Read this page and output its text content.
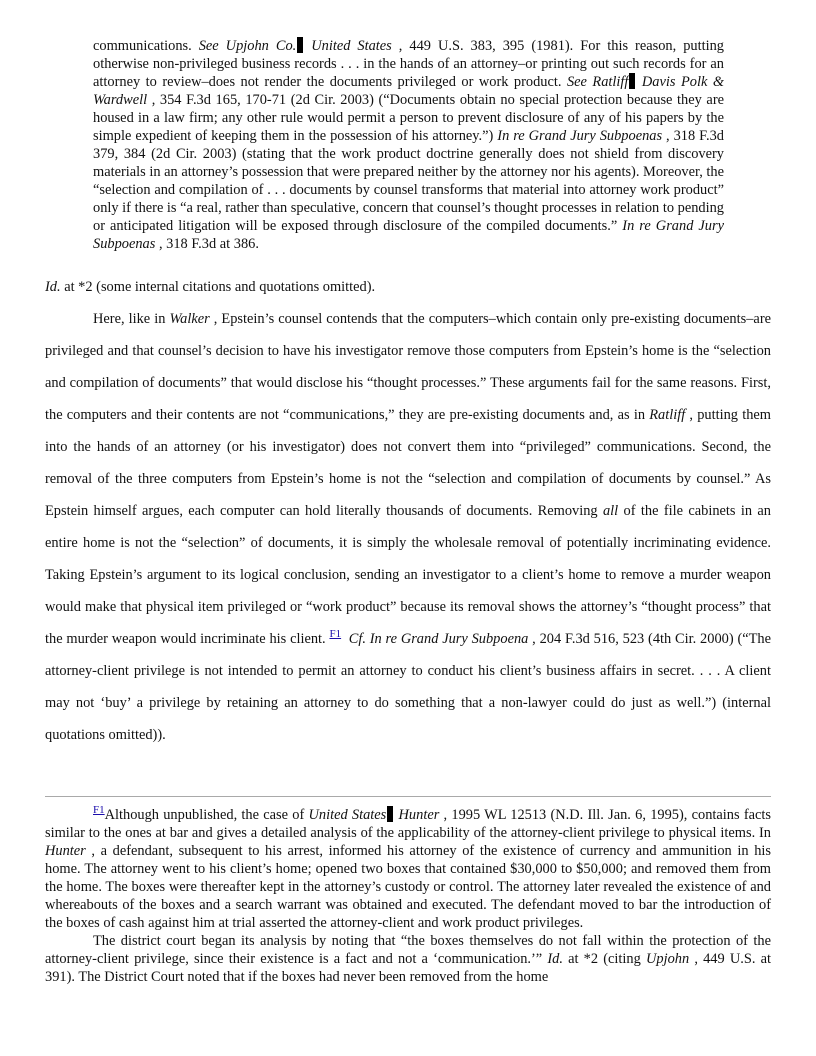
communications. See Upjohn Co. United States , 449 U.S. 383, 395 (1981). For this reason, putting otherwise non-privileged business records . . . in the hands of an attorney–or printing out such records for an attorney to review–does not render the documents privileged or work product. See Ratliff Davis Polk & Wardwell , 354 F.3d 165, 170-71 (2d Cir. 2003) (“Documents obtain no special protection because they are housed in a law firm; any other rule would permit a person to prevent disclosure of any of his papers by the simple expedient of keeping them in the possession of his attorney.”) In re Grand Jury Subpoenas , 318 F.3d 379, 384 (2d Cir. 2003) (stating that the work product doctrine generally does not shield from discovery materials in an attorney’s possession that were prepared neither by the attorney nor his agents). Moreover, the “selection and compilation of . . . documents by counsel transforms that material into attorney work product” only if there is “a real, rather than speculative, concern that counsel’s thought processes in relation to pending or anticipated litigation will be exposed through disclosure of the compiled documents.” In re Grand Jury Subpoenas , 318 F.3d at 386.

Id. at *2 (some internal citations and quotations omitted).

Here, like in Walker , Epstein’s counsel contends that the computers–which contain only pre-existing documents–are privileged and that counsel’s decision to have his investigator remove those computers from Epstein’s home is the “selection and compilation of documents” that would disclose his “thought processes.” These arguments fail for the same reasons. First, the computers and their contents are not “communications,” they are pre-existing documents and, as in Ratliff , putting them into the hands of an attorney (or his investigator) does not convert them into “privileged” communications. Second, the removal of the three computers from Epstein’s home is not the “selection and compilation of documents by counsel.” As Epstein himself argues, each computer can hold literally thousands of documents. Removing all of the file cabinets in an entire home is not the “selection” of documents, it is simply the wholesale removal of potentially incriminating evidence. Taking Epstein’s argument to its logical conclusion, sending an investigator to a client’s home to remove a murder weapon would make that physical item privileged or “work product” because its removal shows the attorney’s “thought process” that the murder weapon would incriminate his client. $^{F1}$ Cf. In re Grand Jury Subpoena , 204 F.3d 516, 523 (4th Cir. 2000) (“The attorney-client privilege is not intended to permit an attorney to conduct his client’s business affairs in secret. . . . A client may not ‘buy’ a privilege by retaining an attorney to do something that a non-lawyer could do just as well.”) (internal quotations omitted)).

$^{F1}$Although unpublished, the case of United States Hunter , 1995 WL 12513 (N.D. Ill. Jan. 6, 1995), contains facts similar to the ones at bar and gives a detailed analysis of the applicability of the attorney-client privilege to physical items. In Hunter , a defendant, subsequent to his arrest, informed his attorney of the existence of currency and ammunition in his home. The attorney went to his client’s home; opened two boxes that contained $30,000 to $50,000; and removed them from the home. The boxes were thereafter kept in the attorney’s custody or control. The attorney later revealed the existence of and whereabouts of the boxes and a search warrant was obtained and executed. The defendant moved to bar the introduction of the boxes of cash against him at trial asserted the attorney-client and work product privileges.

The district court began its analysis by noting that “the boxes themselves do not fall within the protection of the attorney-client privilege, since their existence is a fact and not a ‘communication.’” Id. at *2 (citing Upjohn , 449 U.S. at 391). The District Court noted that if the boxes had never been removed from the home
